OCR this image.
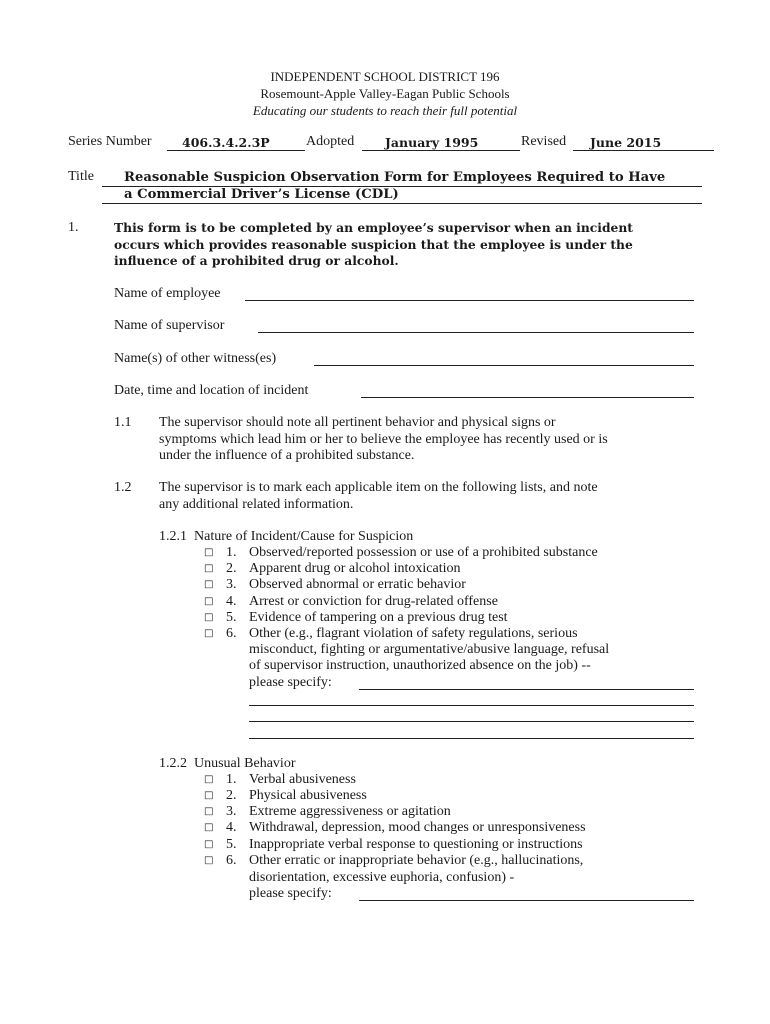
INDEPENDENT SCHOOL DISTRICT 196
Rosemount-Apple Valley-Eagan Public Schools
Educating our students to reach their full potential
Series Number 406.3.4.2.3P	Adopted January 1995	Revised June 2015
Title Reasonable Suspicion Observation Form for Employees Required to Have
a Commercial Driver’s License (CDL)
1.	This form is to be completed by an employee’s supervisor when an incident
occurs which provides reasonable suspicion that the employee is under the
influence of a prohibited drug or alcohol.
Name of employee
Name of supervisor
Name(s) of other witness(es)
Date, time and location of incident
1.1 The supervisor should note all pertinent behavior and physical signs or
symptoms which lead him or her to believe the employee has recently used or is
under the influence of a prohibited substance.
1.2 The supervisor is to mark each applicable item on the following lists, and note
any additional related information.
1.2.1  Nature of Incident/Cause for Suspicion
□ 1. Observed/reported possession or use of a prohibited substance
□ 2. Apparent drug or alcohol intoxication
□ 3. Observed abnormal or erratic behavior
□ 4. Arrest or conviction for drug-related offense
□ 5. Evidence of tampering on a previous drug test
□ 6. Other (e.g., flagrant violation of safety regulations, serious
misconduct, fighting or argumentative/abusive language, refusal
of supervisor instruction, unauthorized absence on the job) --
please specify:
1.2.2  Unusual Behavior
□ 1. Verbal abusiveness
□ 2. Physical abusiveness
□ 3. Extreme aggressiveness or agitation
□ 4. Withdrawal, depression, mood changes or unresponsiveness
□ 5. Inappropriate verbal response to questioning or instructions
□ 6. Other erratic or inappropriate behavior (e.g., hallucinations,
disorientation, excessive euphoria, confusion) -
please specify:
